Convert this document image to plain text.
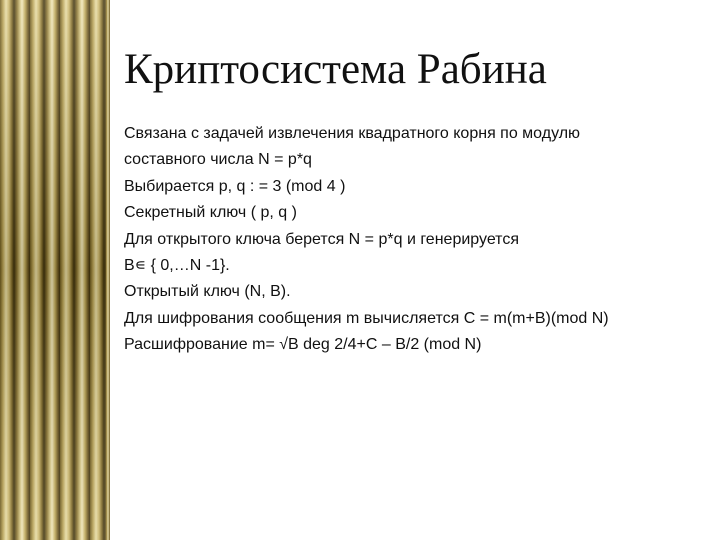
Криптосистема Рабина
Связана с задачей извлечения квадратного корня по модулю
составного числа N = p*q
Выбирается p, q : = 3 (mod 4 )
Секретный ключ ( p, q )
Для открытого ключа берется N = p*q и генерируется
B∊ { 0,…N -1}.
Открытый ключ (N, B).
Для шифрования сообщения m вычисляется C = m(m+B)(mod N)
Расшифрование m= √B deg 2/4+C – B/2 (mod N)
